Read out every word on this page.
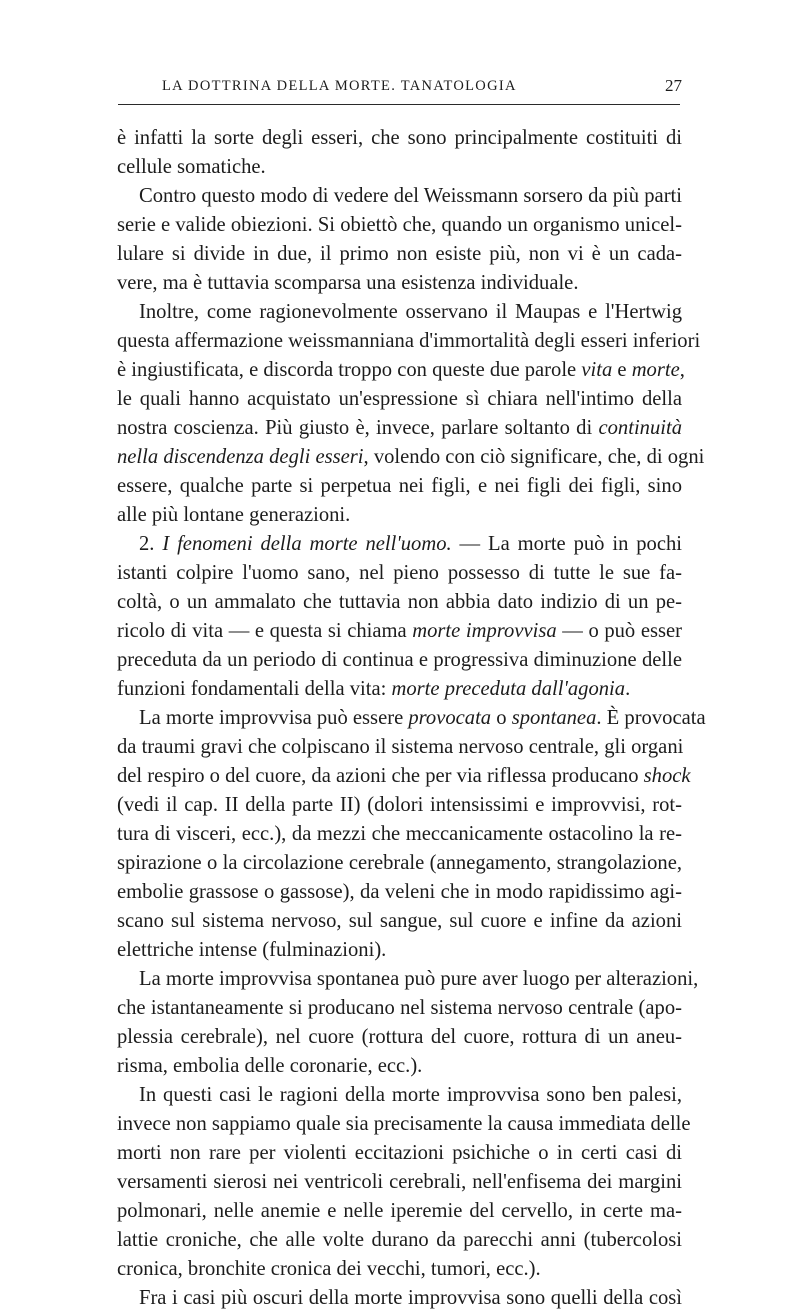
LA DOTTRINA DELLA MORTE. TANATOLOGIA	27
è infatti la sorte degli esseri, che sono principalmente costituiti di
cellule somatiche.
Contro questo modo di vedere del Weissmann sorsero da più parti
serie e valide obiezioni. Si obiettò che, quando un organismo unicel-
lulare si divide in due, il primo non esiste più, non vi è un cada-
vere, ma è tuttavia scomparsa una esistenza individuale.
Inoltre, come ragionevolmente osservano il Maupas e l'Hertwig
questa affermazione weissmanniana d'immortalità degli esseri inferiori
è ingiustificata, e discorda troppo con queste due parole vita e morte,
le quali hanno acquistato un'espressione sì chiara nell'intimo della
nostra coscienza. Più giusto è, invece, parlare soltanto di continuità
nella discendenza degli esseri, volendo con ciò significare, che, di ogni
essere, qualche parte si perpetua nei figli, e nei figli dei figli, sino
alle più lontane generazioni.
2. I fenomeni della morte nell'uomo. — La morte può in pochi
istanti colpire l'uomo sano, nel pieno possesso di tutte le sue fa-
coltà, o un ammalato che tuttavia non abbia dato indizio di un pe-
ricolo di vita — e questa si chiama morte improvvisa — o può esser
preceduta da un periodo di continua e progressiva diminuzione delle
funzioni fondamentali della vita: morte preceduta dall'agonia.
La morte improvvisa può essere provocata o spontanea. È provocata
da traumi gravi che colpiscano il sistema nervoso centrale, gli organi
del respiro o del cuore, da azioni che per via riflessa producano shock
(vedi il cap. II della parte II) (dolori intensissimi e improvvisi, rot-
tura di visceri, ecc.), da mezzi che meccanicamente ostacolino la re-
spirazione o la circolazione cerebrale (annegamento, strangolazione,
embolie grassose o gassose), da veleni che in modo rapidissimo agi-
scano sul sistema nervoso, sul sangue, sul cuore e infine da azioni
elettriche intense (fulminazioni).
La morte improvvisa spontanea può pure aver luogo per alterazioni,
che istantaneamente si producano nel sistema nervoso centrale (apo-
plessia cerebrale), nel cuore (rottura del cuore, rottura di un aneu-
risma, embolia delle coronarie, ecc.).
In questi casi le ragioni della morte improvvisa sono ben palesi,
invece non sappiamo quale sia precisamente la causa immediata delle
morti non rare per violenti eccitazioni psichiche o in certi casi di
versamenti sierosi nei ventricoli cerebrali, nell'enfisema dei margini
polmonari, nelle anemie e nelle iperemie del cervello, in certe ma-
lattie croniche, che alle volte durano da parecchi anni (tubercolosi
cronica, bronchite cronica dei vecchi, tumori, ecc.).
Fra i casi più oscuri della morte improvvisa sono quelli della così
